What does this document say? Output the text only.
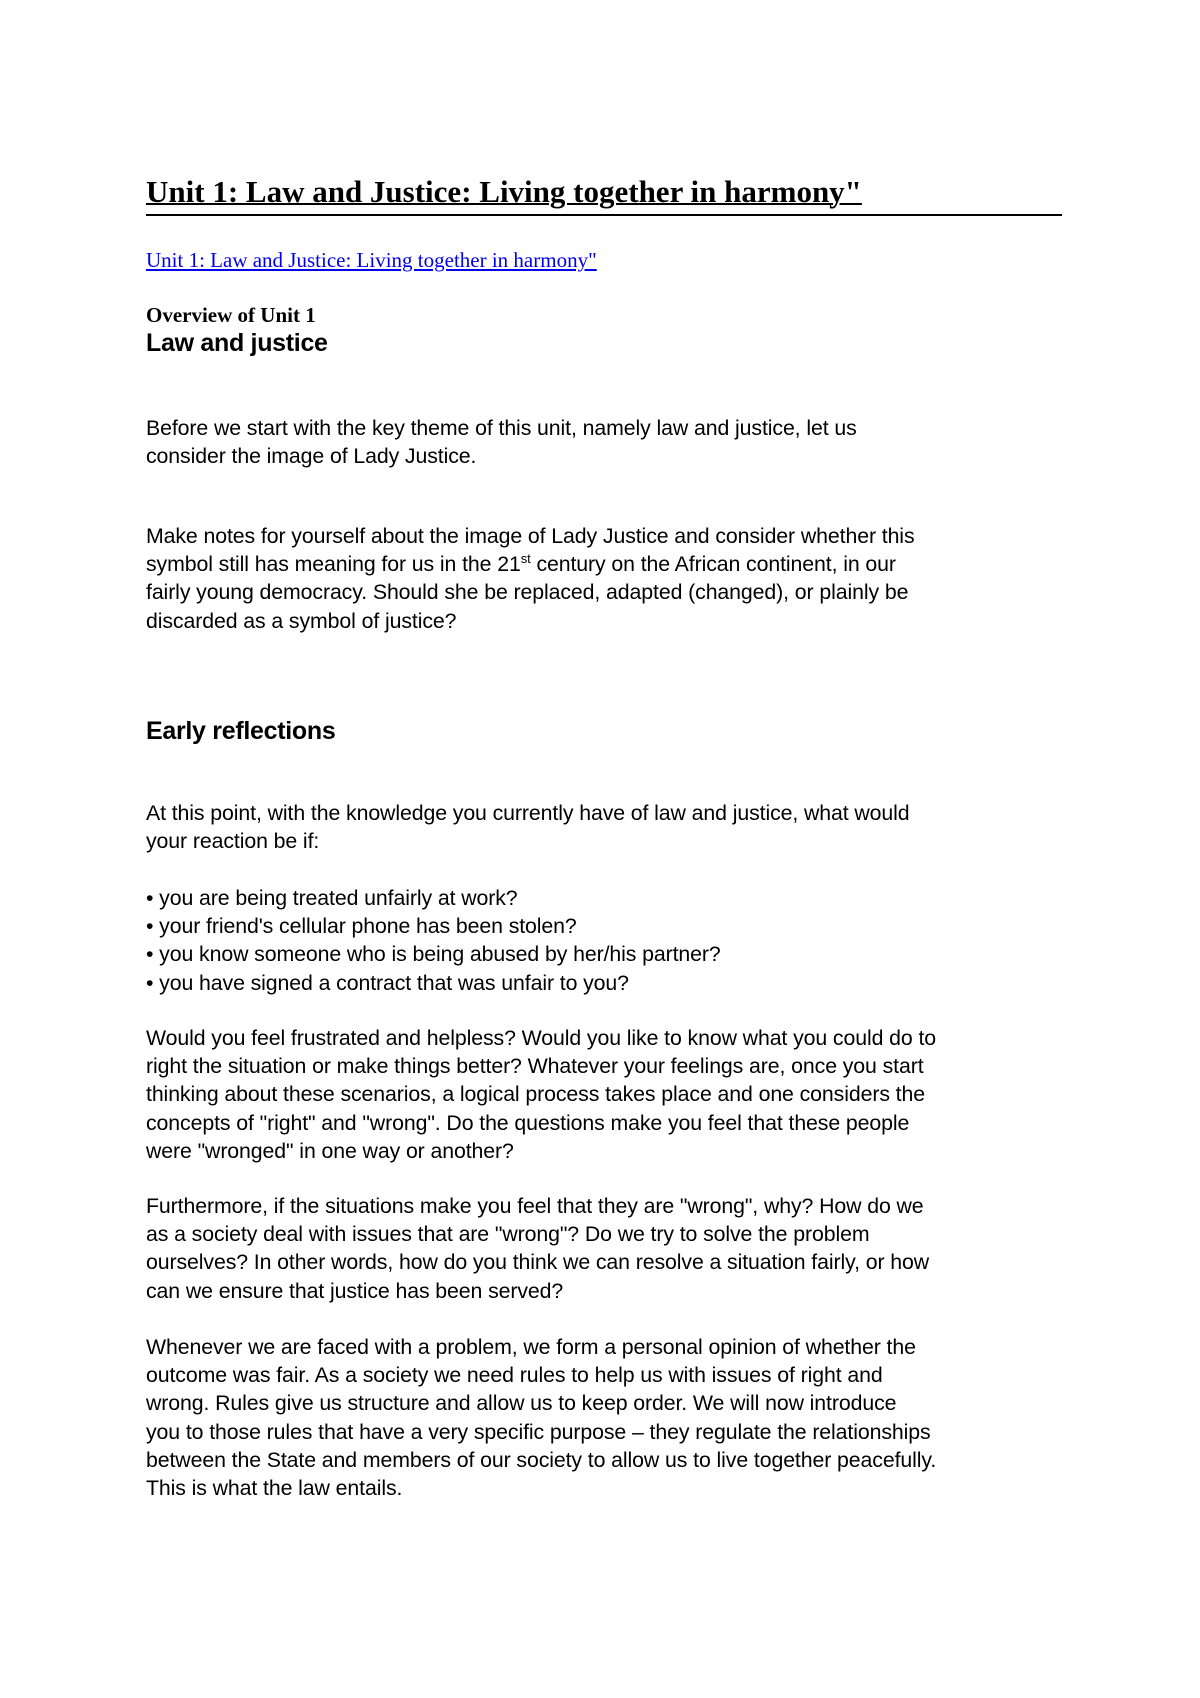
Unit 1: Law and Justice: Living together in harmony"
Unit 1: Law and Justice: Living together in harmony"
Overview of Unit 1
Law and justice
Before we start with the key theme of this unit, namely law and justice, let us
consider the image of Lady Justice.
Make notes for yourself about the image of Lady Justice and consider whether this
symbol still has meaning for us in the 21st century on the African continent, in our
fairly young democracy. Should she be replaced, adapted (changed), or plainly be
discarded as a symbol of justice?
Early reflections
At this point, with the knowledge you currently have of law and justice, what would
your reaction be if:
• you are being treated unfairly at work?
• your friend's cellular phone has been stolen?
• you know someone who is being abused by her/his partner?
• you have signed a contract that was unfair to you?
Would you feel frustrated and helpless? Would you like to know what you could do to
right the situation or make things better? Whatever your feelings are, once you start
thinking about these scenarios, a logical process takes place and one considers the
concepts of "right" and "wrong". Do the questions make you feel that these people
were "wronged" in one way or another?
Furthermore, if the situations make you feel that they are "wrong", why? How do we
as a society deal with issues that are "wrong"? Do we try to solve the problem
ourselves? In other words, how do you think we can resolve a situation fairly, or how
can we ensure that justice has been served?
Whenever we are faced with a problem, we form a personal opinion of whether the
outcome was fair. As a society we need rules to help us with issues of right and
wrong. Rules give us structure and allow us to keep order. We will now introduce
you to those rules that have a very specific purpose – they regulate the relationships
between the State and members of our society to allow us to live together peacefully.
This is what the law entails.
